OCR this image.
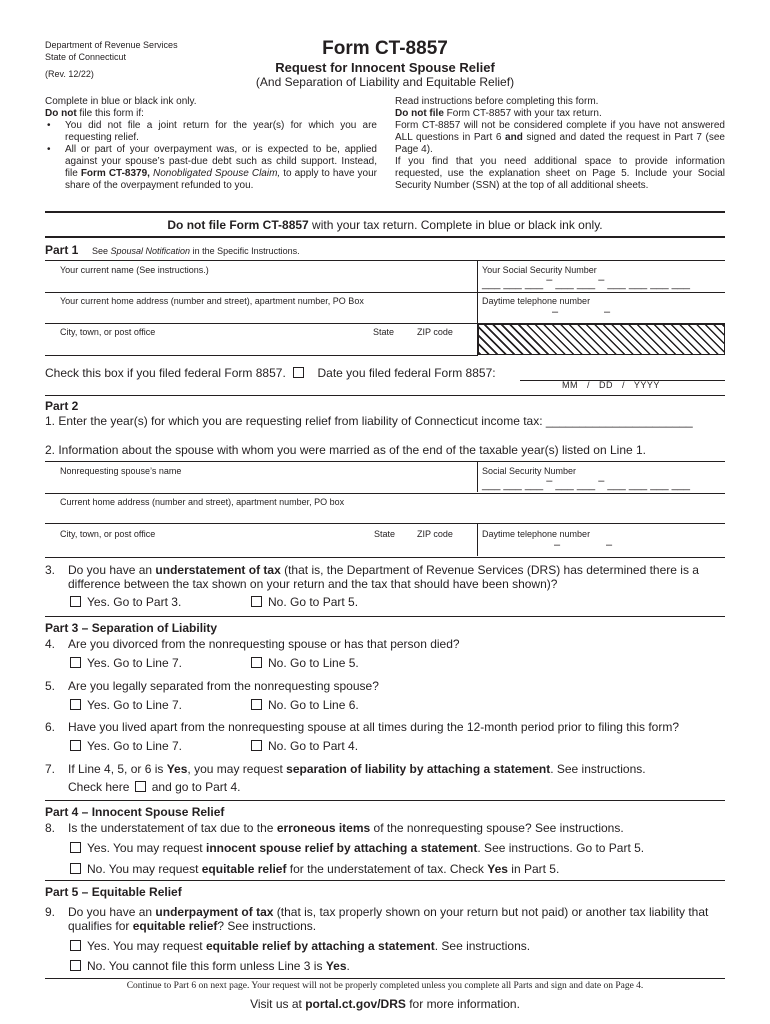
Department of Revenue Services
State of Connecticut
(Rev. 12/22)
Form CT-8857
Request for Innocent Spouse Relief
(And Separation of Liability and Equitable Relief)
Complete in blue or black ink only.
Do not file this form if:
• You did not file a joint return for the year(s) for which you are requesting relief.
• All or part of your overpayment was, or is expected to be, applied against your spouse’s past-due debt such as child support. Instead, file Form CT-8379, Nonobligated Spouse Claim, to apply to have your share of the overpayment refunded to you.
Read instructions before completing this form.
Do not file Form CT-8857 with your tax return.
Form CT-8857 will not be considered complete if you have not answered ALL questions in Part 6 and signed and dated the request in Part 7 (see Page 4).
If you find that you need additional space to provide information requested, use the explanation sheet on Page 5. Include your Social Security Number (SSN) at the top of all additional sheets.
Do not file Form CT-8857 with your tax return. Complete in blue or black ink only.
Part 1 See Spousal Notification in the Specific Instructions.
Your current name (See instructions.)	Your Social Security Number
___ ___ ___ – ___ ___ – ___ ___ ___ ___
Your current home address (number and street), apartment number, PO Box	Daytime telephone number
–	–
City, town, or post office	State	ZIP code
Check this box if you filed federal Form 8857.	Date you filed federal Form 8857:
MM   /   DD   /   YYYY
Part 2
1. Enter the year(s) for which you are requesting relief from liability of Connecticut income tax: ______________________
2. Information about the spouse with whom you were married as of the end of the taxable year(s) listed on Line 1.
Nonrequesting spouse’s name	Social Security Number
___ ___ ___ – ___ ___ – ___ ___ ___ ___
Current home address (number and street), apartment number, PO box
City, town, or post office	State ZIP code	Daytime telephone number
–	–
3. Do you have an understatement of tax (that is, the Department of Revenue Services (DRS) has determined there is a difference between the tax shown on your return and the tax that should have been shown)?
Yes. Go to Part 3.	No. Go to Part 5.
Part 3 – Separation of Liability
4. Are you divorced from the nonrequesting spouse or has that person died?
Yes. Go to Line 7.	No. Go to Line 5.
5. Are you legally separated from the nonrequesting spouse?
Yes. Go to Line 7.	No. Go to Line 6.
6. Have you lived apart from the nonrequesting spouse at all times during the 12-month period prior to filing this form?
Yes. Go to Line 7.	No. Go to Part 4.
7. If Line 4, 5, or 6 is Yes, you may request separation of liability by attaching a statement. See instructions.
Check here and go to Part 4.
Part 4 – Innocent Spouse Relief
8. Is the understatement of tax due to the erroneous items of the nonrequesting spouse? See instructions.
Yes. You may request innocent spouse relief by attaching a statement. See instructions. Go to Part 5.
No. You may request equitable relief for the understatement of tax. Check Yes in Part 5.
Part 5 – Equitable Relief
9. Do you have an underpayment of tax (that is, tax properly shown on your return but not paid) or another tax liability that qualifies for equitable relief? See instructions.
Yes. You may request equitable relief by attaching a statement. See instructions.
No. You cannot file this form unless Line 3 is Yes.
Continue to Part 6 on next page. Your request will not be properly completed unless you complete all Parts and sign and date on Page 4.
Visit us at portal.ct.gov/DRS for more information.
